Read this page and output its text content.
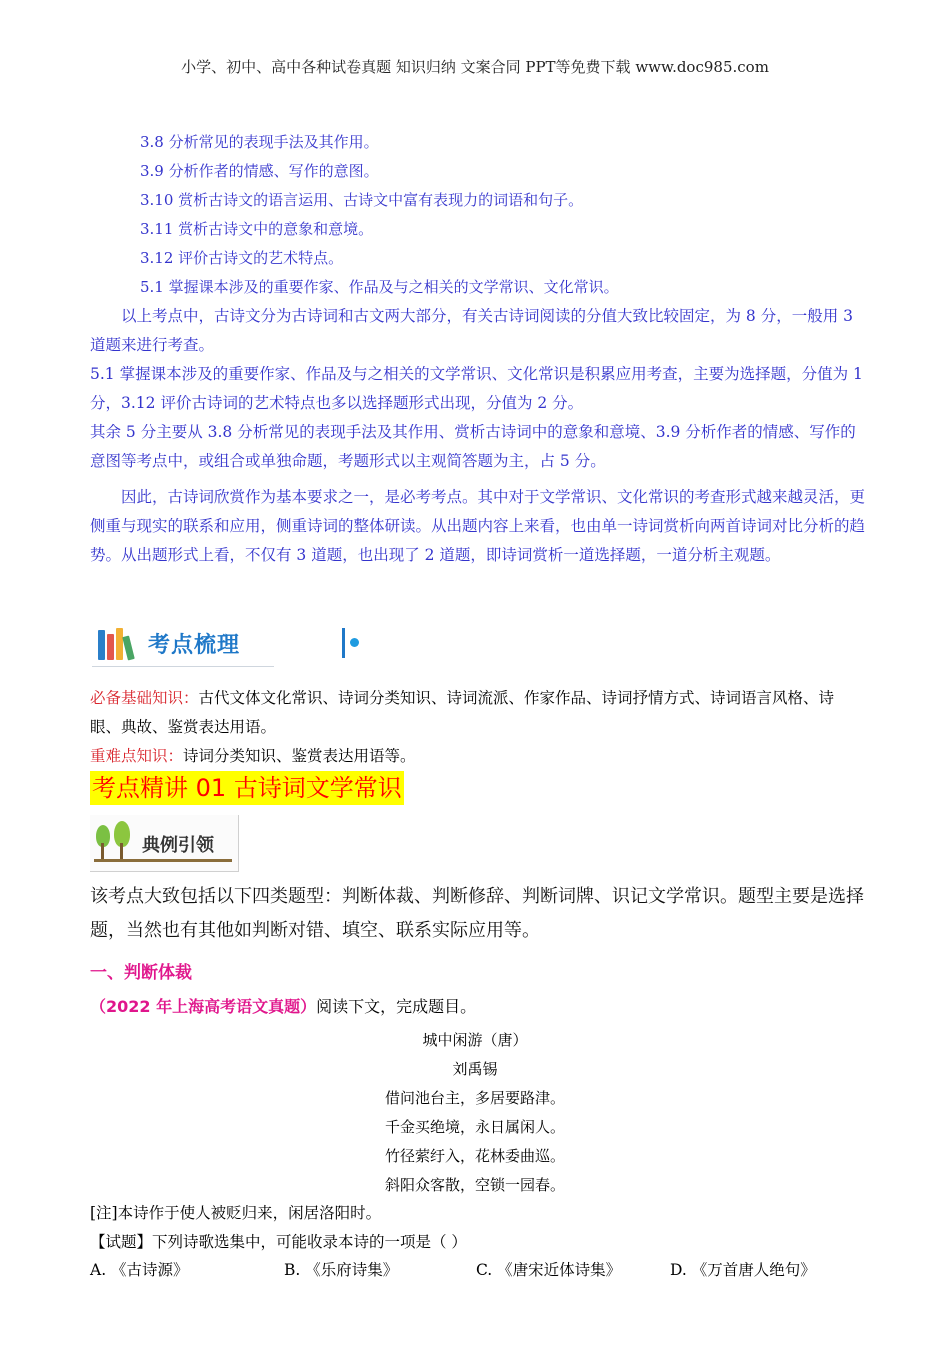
小学、初中、高中各种试卷真题 知识归纳 文案合同 PPT等免费下载 www.doc985.com
3.8 分析常见的表现手法及其作用。
3.9 分析作者的情感、写作的意图。
3.10 赏析古诗文的语言运用、古诗文中富有表现力的词语和句子。
3.11 赏析古诗文中的意象和意境。
3.12 评价古诗文的艺术特点。
5.1 掌握课本涉及的重要作家、作品及与之相关的文学常识、文化常识。
以上考点中，古诗文分为古诗词和古文两大部分，有关古诗词阅读的分值大致比较固定，为 8 分，一般用 3 道题来进行考查。
5.1 掌握课本涉及的重要作家、作品及与之相关的文学常识、文化常识是积累应用考查，主要为选择题，分值为 1 分，3.12 评价古诗词的艺术特点也多以选择题形式出现，分值为 2 分。
其余 5 分主要从 3.8 分析常见的表现手法及其作用、赏析古诗词中的意象和意境、3.9 分析作者的情感、写作的意图等考点中，或组合或单独命题，考题形式以主观简答题为主，占 5 分。
因此，古诗词欣赏作为基本要求之一，是必考考点。其中对于文学常识、文化常识的考查形式越来越灵活，更侧重与现实的联系和应用，侧重诗词的整体研读。从出题内容上来看，也由单一诗词赏析向两首诗词对比分析的趋势。从出题形式上看，不仅有 3 道题，也出现了 2 道题，即诗词赏析一道选择题，一道分析主观题。
考点梳理
必备基础知识：古代文体文化常识、诗词分类知识、诗词流派、作家作品、诗词抒情方式、诗词语言风格、诗眼、典故、鉴赏表达用语。
重难点知识：诗词分类知识、鉴赏表达用语等。
考点精讲 01 古诗词文学常识
典例引领
该考点大致包括以下四类题型：判断体裁、判断修辞、判断词牌、识记文学常识。题型主要是选择题，当然也有其他如判断对错、填空、联系实际应用等。
一、判断体裁
（2022 年上海高考语文真题）阅读下文，完成题目。
城中闲游（唐）
刘禹锡
借问池台主，多居要路津。
千金买绝境，永日属闲人。
竹径萦纡入，花林委曲巡。
斜阳众客散，空锁一园春。
[注]本诗作于使人被贬归来，闲居洛阳时。
【试题】下列诗歌选集中，可能收录本诗的一项是（ ）
A. 《古诗源》	B. 《乐府诗集》	C. 《唐宋近体诗集》	D. 《万首唐人绝句》
